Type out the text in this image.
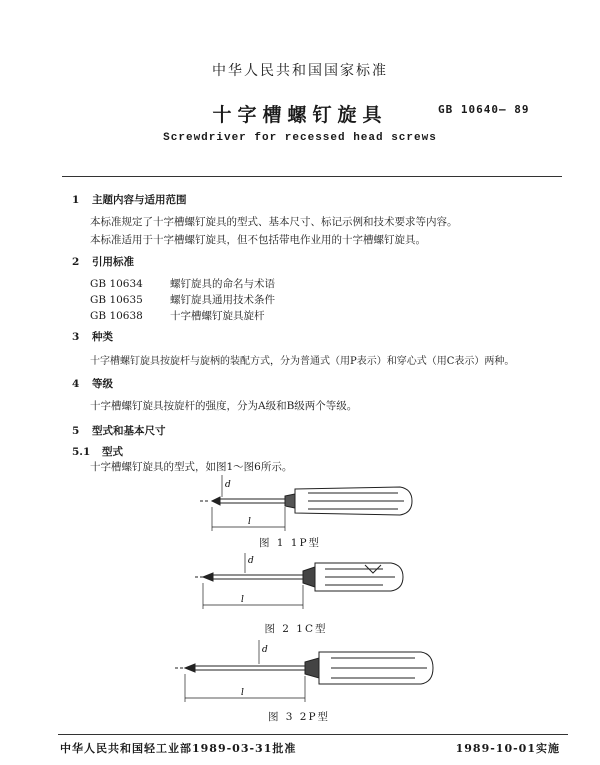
中华人民共和国国家标准
十字槽螺钉旋具	GB 10640— 89
Screwdriver for recessed head screws
1 主题内容与适用范围
本标准规定了十字槽螺钉旋具的型式、基本尺寸、标记示例和技术要求等内容。
本标准适用于十字槽螺钉旋具，但不包括带电作业用的十字槽螺钉旋具。
2 引用标准
GB 10634	螺钉旋具的命名与术语
GB 10635	螺钉旋具通用技术条件
GB 10638	十字槽螺钉旋具旋杆
3 种类
十字槽螺钉旋具按旋杆与旋柄的装配方式，分为普通式（用P表示）和穿心式（用C表示）两种。
4 等级
十字槽螺钉旋具按旋杆的强度，分为A级和B级两个等级。
5 型式和基本尺寸
5.1 型式
十字槽螺钉旋具的型式，如图1～图6所示。
d
l
图 1 1P型
d
l
图 2 1C型
d
l
图 3 2P型
中华人民共和国轻工业部1989-03-31批准	1989-10-01实施
